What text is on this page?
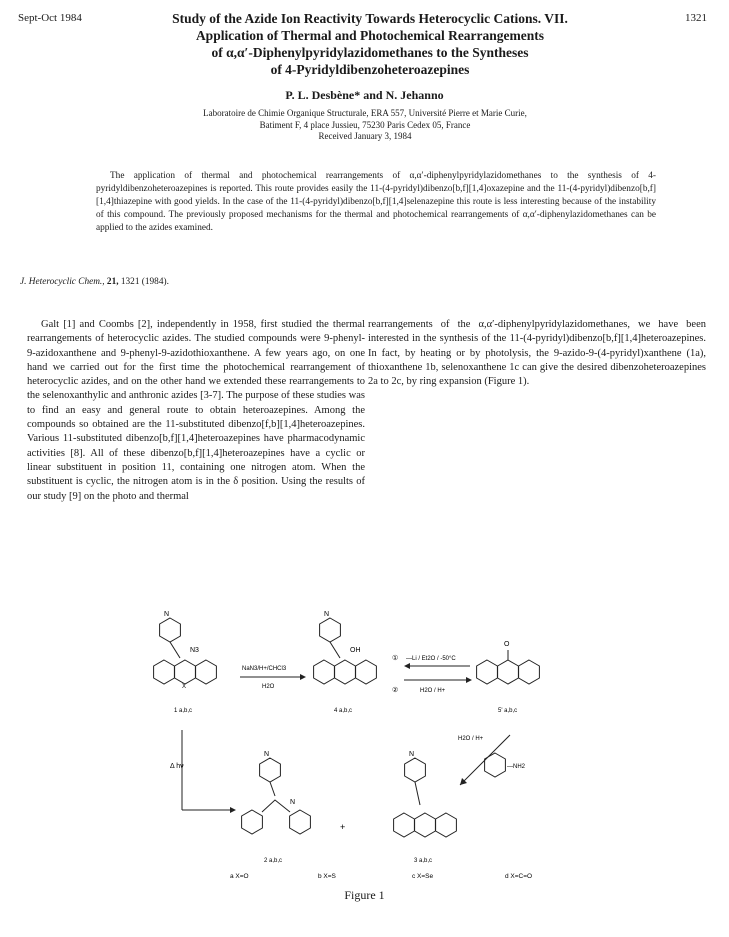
Sept-Oct 1984	1321
Study of the Azide Ion Reactivity Towards Heterocyclic Cations. VII.
Application of Thermal and Photochemical Rearrangements
of α,α′-Diphenylpyridylazidomethanes to the Syntheses
of 4-Pyridyldibenzoheteroazepines
P. L. Desbène* and N. Jehanno
Laboratoire de Chimie Organique Structurale, ERA 557, Université Pierre et Marie Curie,
Batiment F, 4 place Jussieu, 75230 Paris Cedex 05, France
Received January 3, 1984
The application of thermal and photochemical rearrangements of α,α′-diphenylpyridylazidomethanes to the synthesis of 4-pyridyldibenzoheteroazepines is reported. This route provides easily the 11-(4-pyridyl)dibenzo[b,f][1,4]oxazepine and the 11-(4-pyridyl)dibenzo[b,f][1,4]thiazepine with good yields. In the case of the 11-(4-pyridyl)dibenzo[b,f][1,4]selenazepine this route is less interesting because of the instability of this compound. The previously proposed mechanisms for the thermal and photochemical rearrangements of α,α′-diphenylazidomethanes can be applied to the azides examined.
J. Heterocyclic Chem., 21, 1321 (1984).
Galt [1] and Coombs [2], independently in 1958, first studied the thermal rearrangements of heterocyclic azides. The studied compounds were 9-phenyl-9-azidoxanthene and 9-phenyl-9-azidothioxanthene. A few years ago, on one hand we carried out for the first time the photochemical rearrangement of heterocyclic azides, and on the other hand we extended these rearrangements to the selenoxanthylic and anthronic azides [3-7]. The purpose of these studies was to find an easy and general route to obtain heteroazepines. Among the compounds so obtained are the 11-substituted dibenzo[f,b][1,4]heteroazepines. Various 11-substituted dibenzo[b,f][1,4]heteroazepines have pharmacodynamic activities [8]. All of these dibenzo[b,f][1,4]heteroazepines have a cyclic or linear substituent in position 11, containing one nitrogen atom. When the substituent is cyclic, the nitrogen atom is in the δ position. Using the results of our study [9] on the photo and thermal
rearrangements of the α,α′-diphenylpyridylazidomethanes, we have been interested in the synthesis of the 11-(4-pyridyl)dibenzo[b,f][1,4]heteroazepines. In fact, by heating or by photolysis, the 9-azido-9-(4-pyridyl)xanthene (1a), thioxanthene 1b, selenoxanthene 1c can give the desired dibenzoheteroazepines 2a to 2c, by ring expansion (Figure 1).
N
N3
X
1 a,b,c
NaN3/H+/CHCl3
H2O
N
OH
4 a,b,c
① —Li / Et2O / -50°C
②	H2O / H+
O
5' a,b,c
Δ hν
N
N
2 a,b,c
+
N
3 a,b,c
H2O / H+
—NH2
a X=O	b X=S	c X=Se	d X=C=O
Figure 1
